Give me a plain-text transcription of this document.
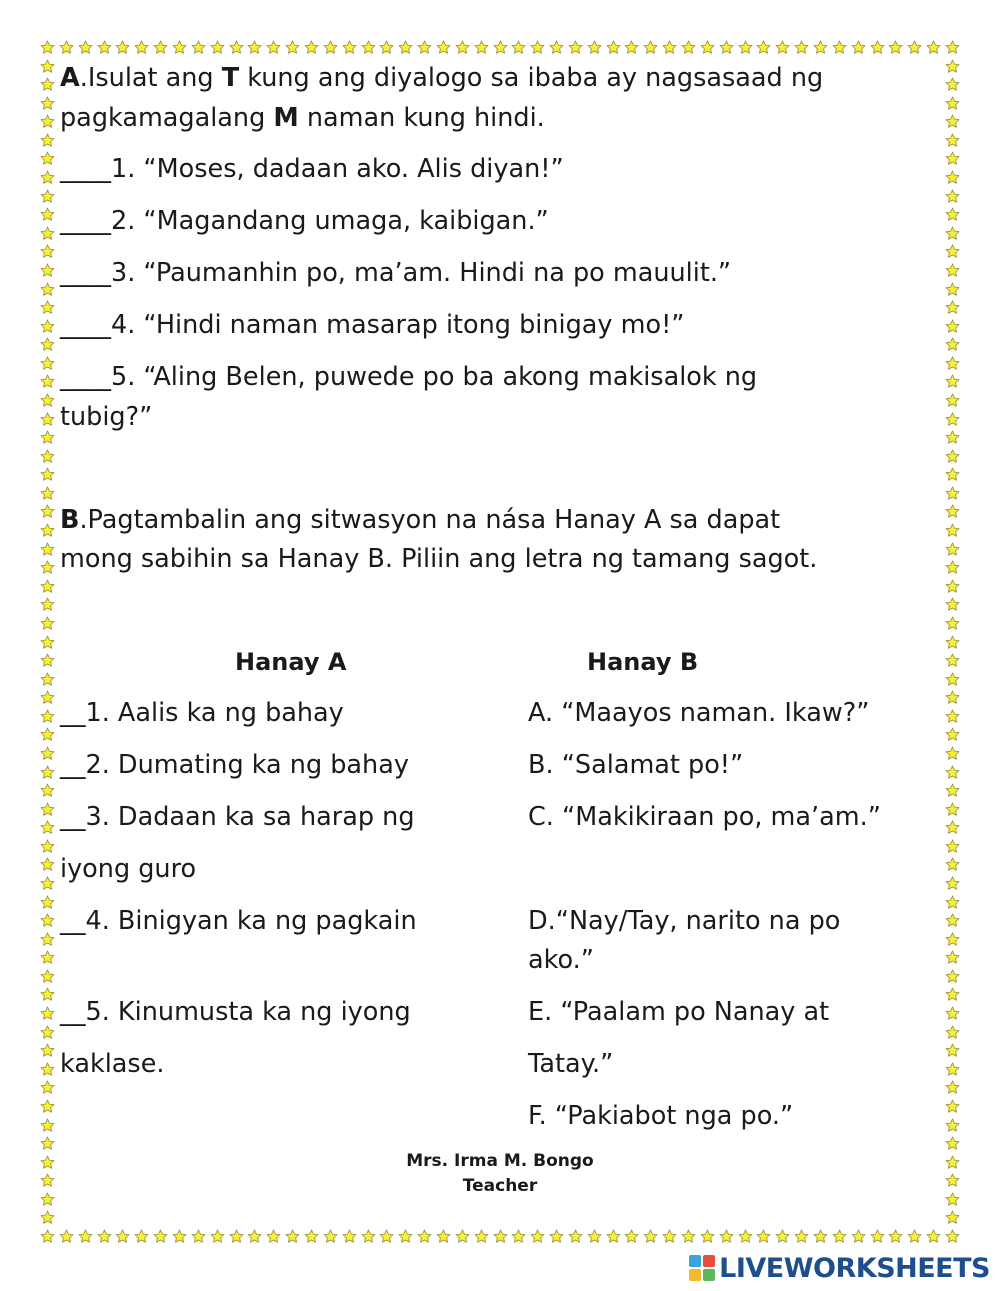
A.Isulat ang T kung ang diyalogo sa ibaba ay nagsasaad ng
pagkamagalang M naman kung hindi.
____1. “Moses, dadaan ako. Alis diyan!”
____2. “Magandang umaga, kaibigan.”
____3. “Paumanhin po, ma’am. Hindi na po mauulit.”
____4. “Hindi naman masarap itong binigay mo!”
____5. “Aling Belen, puwede po ba akong makisalok ng
tubig?”
B.Pagtambalin ang sitwasyon na nása Hanay A sa dapat
mong sabihin sa Hanay B. Piliin ang letra ng tamang sagot.
Hanay A	Hanay B
__1. Aalis ka ng bahay
__2. Dumating ka ng bahay
__3. Dadaan ka sa harap ng
iyong guro
__4. Binigyan ka ng pagkain
__5. Kinumusta ka ng iyong
kaklase.
A. “Maayos naman. Ikaw?”
B. “Salamat po!”
C. “Makikiraan po, ma’am.”
D.“Nay/Tay, narito na po
ako.”
E. “Paalam po Nanay at
Tatay.”
F. “Pakiabot nga po.”
Mrs. Irma M. Bongo
Teacher
LIVEWORKSHEETS
